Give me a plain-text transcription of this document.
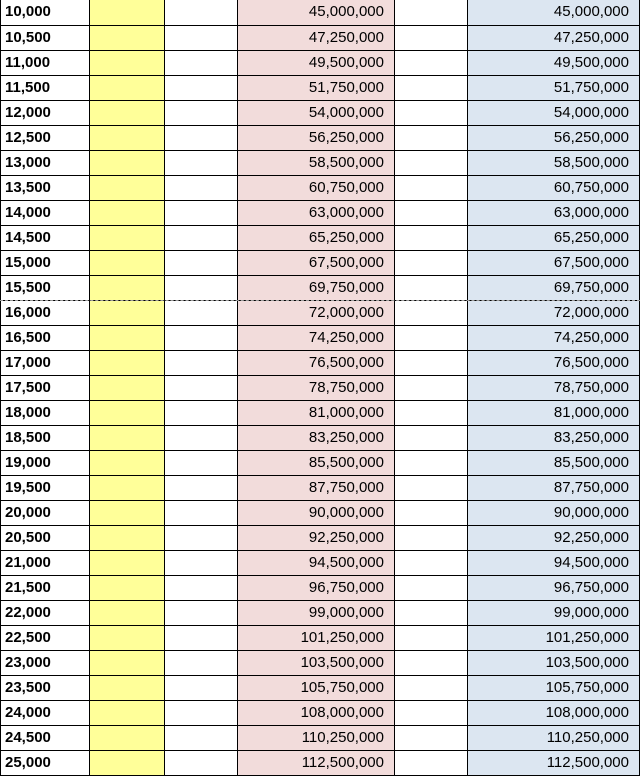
10,000			45,000,000		45,000,000
10,500			47,250,000		47,250,000
11,000			49,500,000		49,500,000
11,500			51,750,000		51,750,000
12,000			54,000,000		54,000,000
12,500			56,250,000		56,250,000
13,000			58,500,000		58,500,000
13,500			60,750,000		60,750,000
14,000			63,000,000		63,000,000
14,500			65,250,000		65,250,000
15,000			67,500,000		67,500,000
15,500			69,750,000		69,750,000
16,000			72,000,000		72,000,000
16,500			74,250,000		74,250,000
17,000			76,500,000		76,500,000
17,500			78,750,000		78,750,000
18,000			81,000,000		81,000,000
18,500			83,250,000		83,250,000
19,000			85,500,000		85,500,000
19,500			87,750,000		87,750,000
20,000			90,000,000		90,000,000
20,500			92,250,000		92,250,000
21,000			94,500,000		94,500,000
21,500			96,750,000		96,750,000
22,000			99,000,000		99,000,000
22,500			101,250,000		101,250,000
23,000			103,500,000		103,500,000
23,500			105,750,000		105,750,000
24,000			108,000,000		108,000,000
24,500			110,250,000		110,250,000
25,000			112,500,000		112,500,000
